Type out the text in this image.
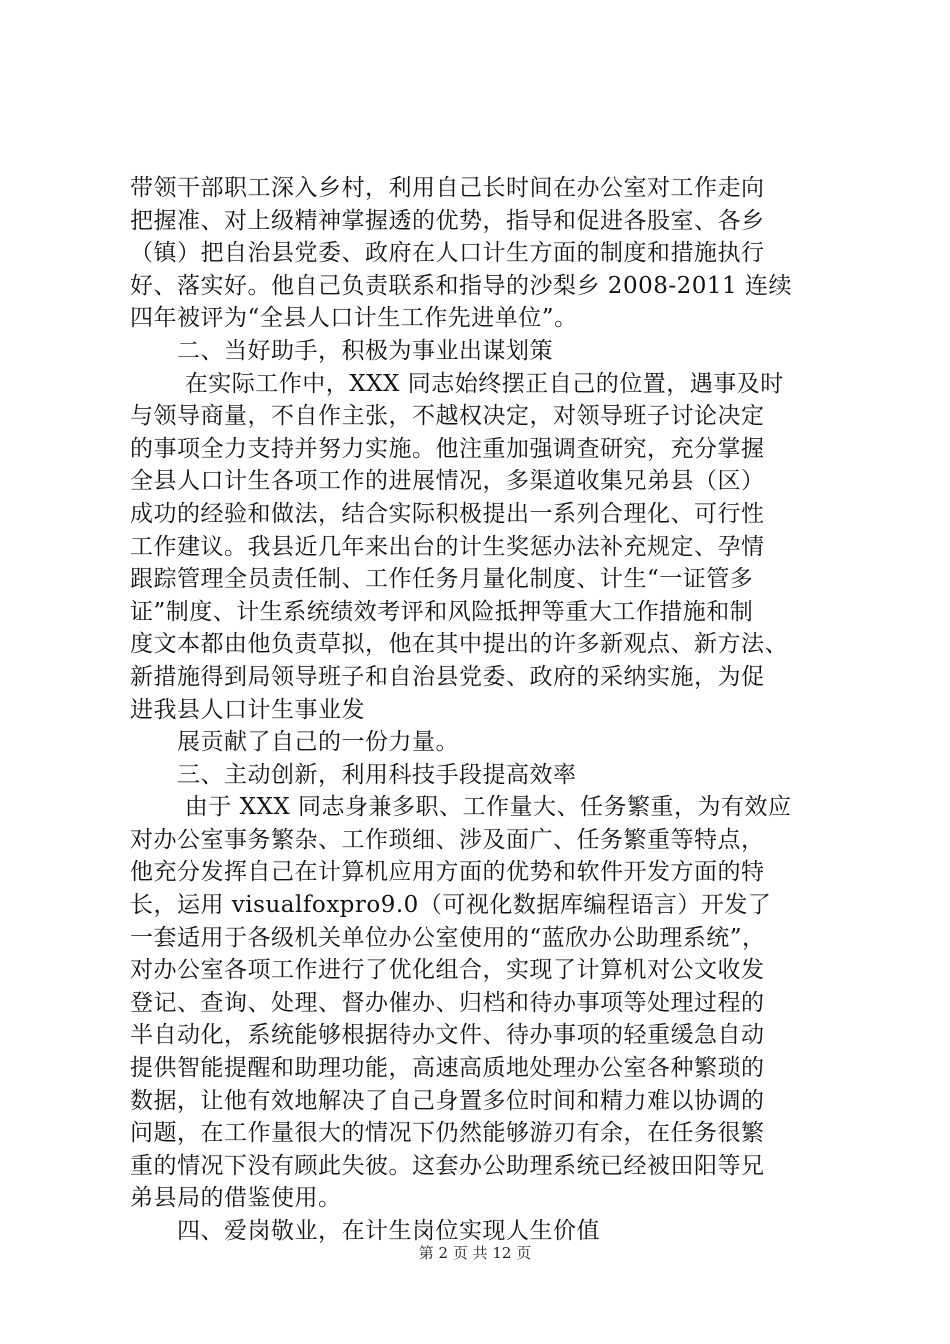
带领干部职工深入乡村，利用自己长时间在办公室对工作走向
把握准、对上级精神掌握透的优势，指导和促进各股室、各乡
（镇）把自治县党委、政府在人口计生方面的制度和措施执行
好、落实好。他自己负责联系和指导的沙梨乡 2008-2011 连续
四年被评为“全县人口计生工作先进单位”。
　　二、当好助手，积极为事业出谋划策
　　 在实际工作中，XXX 同志始终摆正自己的位置，遇事及时
与领导商量，不自作主张，不越权决定，对领导班子讨论决定
的事项全力支持并努力实施。他注重加强调查研究，充分掌握
全县人口计生各项工作的进展情况，多渠道收集兄弟县（区）
成功的经验和做法，结合实际积极提出一系列合理化、可行性
工作建议。我县近几年来出台的计生奖惩办法补充规定、孕情
跟踪管理全员责任制、工作任务月量化制度、计生“一证管多
证”制度、计生系统绩效考评和风险抵押等重大工作措施和制
度文本都由他负责草拟，他在其中提出的许多新观点、新方法、
新措施得到局领导班子和自治县党委、政府的采纳实施，为促
进我县人口计生事业发
　　展贡献了自己的一份力量。
　　三、主动创新，利用科技手段提高效率
　　 由于 XXX 同志身兼多职、工作量大、任务繁重，为有效应
对办公室事务繁杂、工作琐细、涉及面广、任务繁重等特点，
他充分发挥自己在计算机应用方面的优势和软件开发方面的特
长，运用 visualfoxpro9.0（可视化数据库编程语言）开发了
一套适用于各级机关单位办公室使用的“蓝欣办公助理系统”，
对办公室各项工作进行了优化组合，实现了计算机对公文收发
登记、查询、处理、督办催办、归档和待办事项等处理过程的
半自动化，系统能够根据待办文件、待办事项的轻重缓急自动
提供智能提醒和助理功能，高速高质地处理办公室各种繁琐的
数据，让他有效地解决了自己身置多位时间和精力难以协调的
问题，在工作量很大的情况下仍然能够游刃有余，在任务很繁
重的情况下没有顾此失彼。这套办公助理系统已经被田阳等兄
弟县局的借鉴使用。
　　四、爱岗敬业，在计生岗位实现人生价值
第 2 页 共 12 页
